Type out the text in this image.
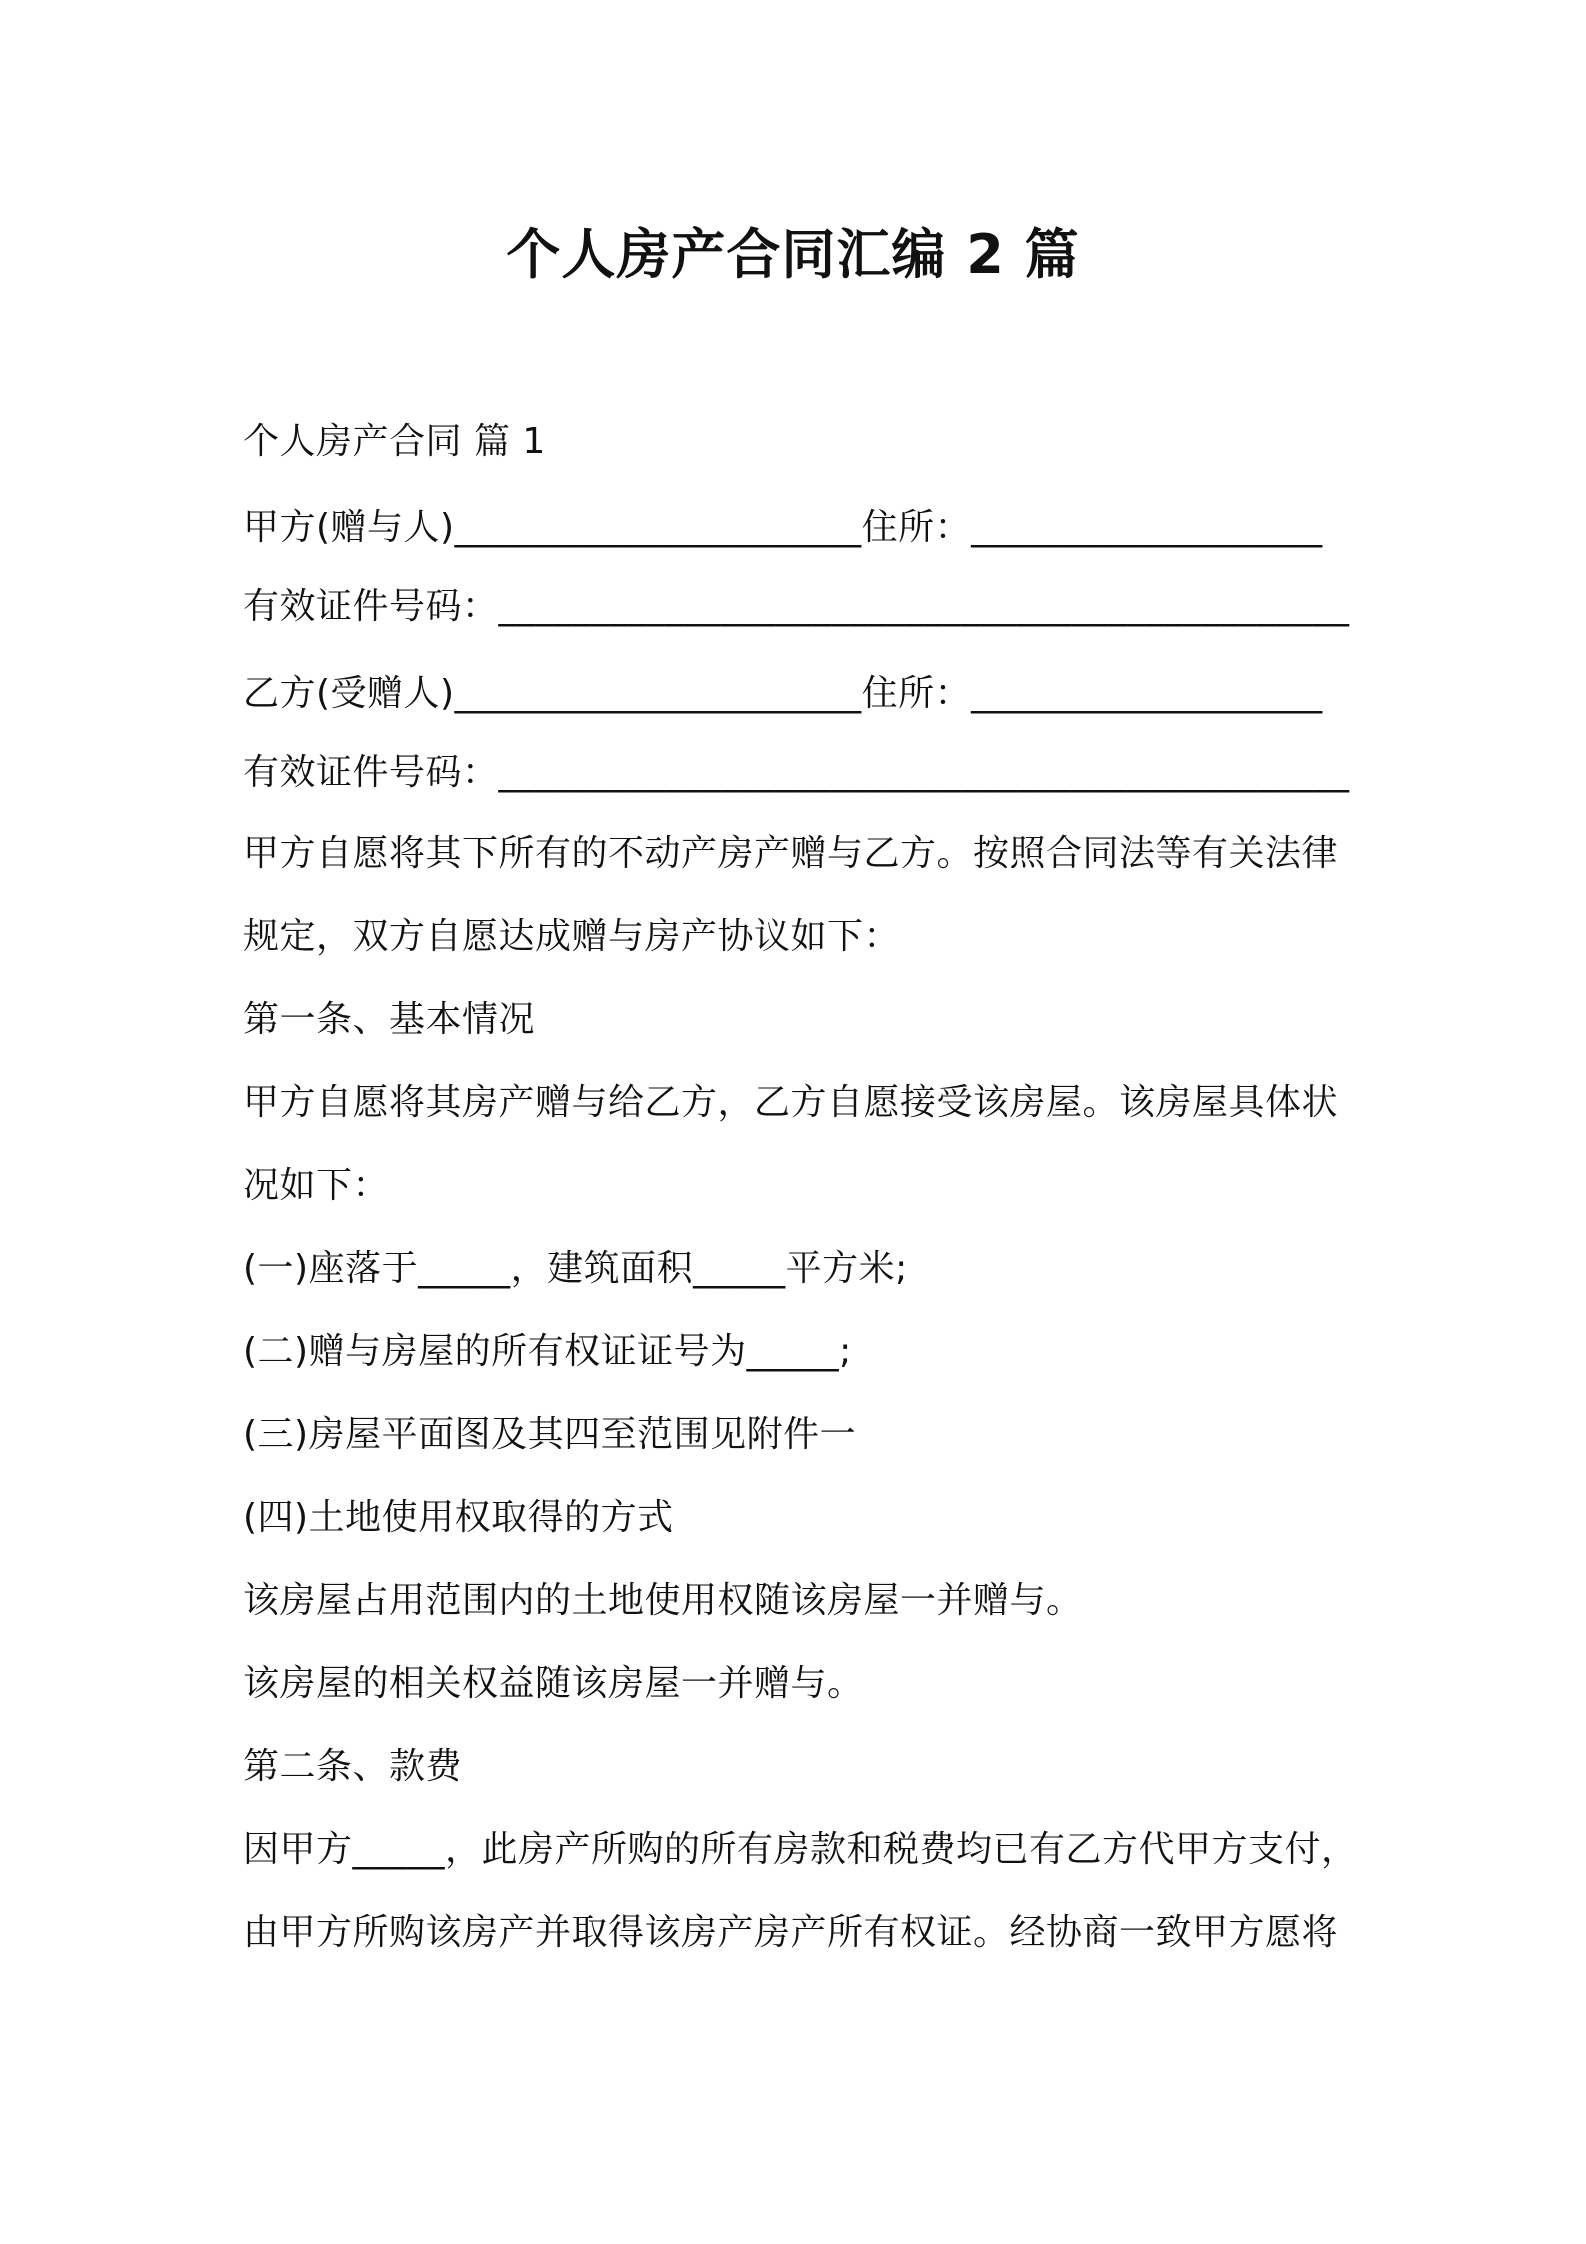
个人房产合同汇编 2 篇
个人房产合同 篇 1
甲方(赠与人)______________________住所：___________________
有效证件号码：______________________________________________
乙方(受赠人)______________________住所：___________________
有效证件号码：______________________________________________
甲方自愿将其下所有的不动产房产赠与乙方。按照合同法等有关法律
规定，双方自愿达成赠与房产协议如下：
第一条、基本情况
甲方自愿将其房产赠与给乙方，乙方自愿接受该房屋。该房屋具体状
况如下：
(一)座落于_____，建筑面积_____平方米;
(二)赠与房屋的所有权证证号为_____;
(三)房屋平面图及其四至范围见附件一
(四)土地使用权取得的方式
该房屋占用范围内的土地使用权随该房屋一并赠与。
该房屋的相关权益随该房屋一并赠与。
第二条、款费
因甲方_____，此房产所购的所有房款和税费均已有乙方代甲方支付，
由甲方所购该房产并取得该房产房产所有权证。经协商一致甲方愿将
